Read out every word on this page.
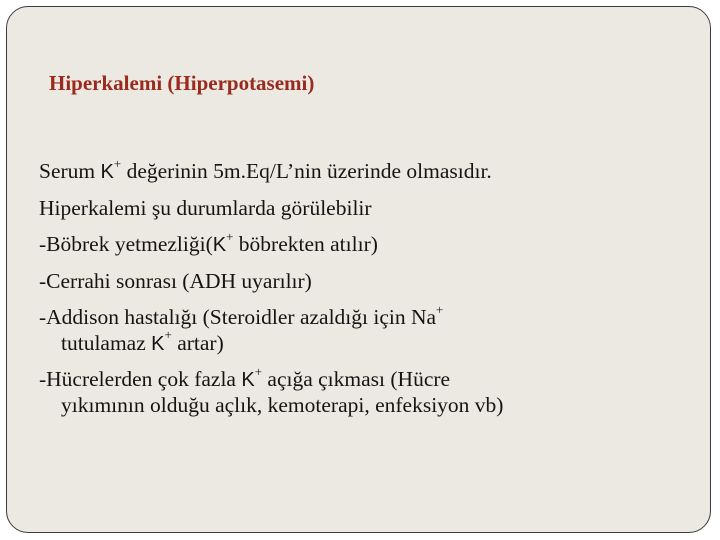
Hiperkalemi (Hiperpotasemi)
Serum K+ değerinin 5m.Eq/L’nin üzerinde olmasıdır.
Hiperkalemi şu durumlarda görülebilir
-Böbrek yetmezliği(K+ böbrekten atılır)
-Cerrahi sonrası (ADH uyarılır)
-Addison hastalığı (Steroidler azaldığı için Na+
tutulamaz K+ artar)
-Hücrelerden çok fazla K+ açığa çıkması (Hücre
yıkımının olduğu açlık, kemoterapi, enfeksiyon vb)
